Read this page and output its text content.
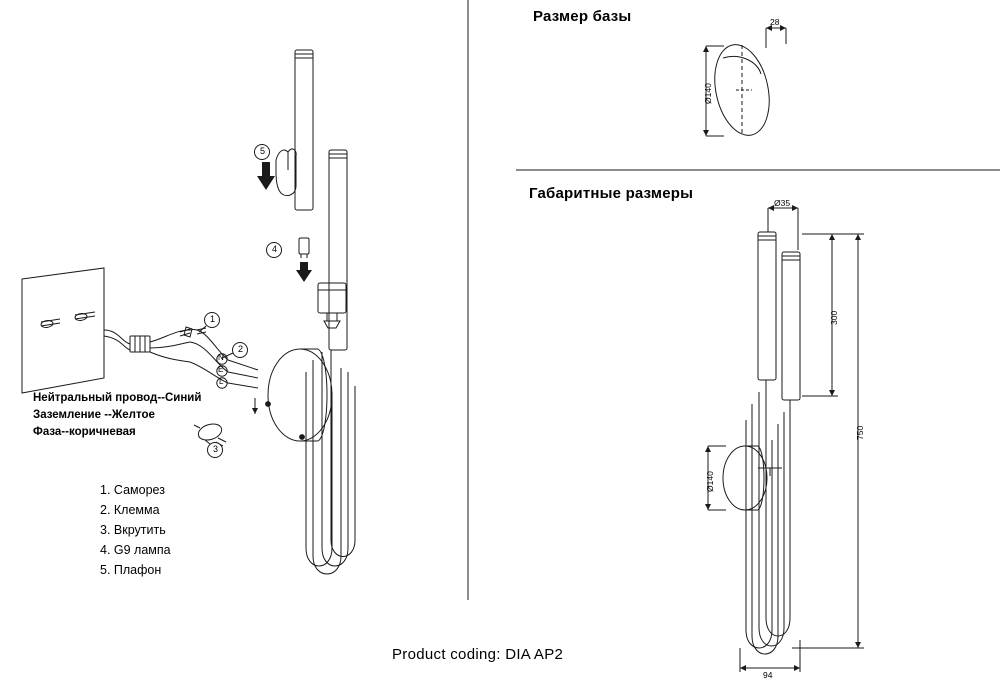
1
2
3
4
5
N
E
L
Нейтральный провод--Синий
Заземление --Желтое
Фаза--коричневая
1. Саморез
2. Клемма
3. Вкрутить
4. G9 лампа
5. Плафон
Размер базы
Габаритные размеры
28
Ø140
Ø35
300
750
Ø140
94
Product coding: DIA AP2
